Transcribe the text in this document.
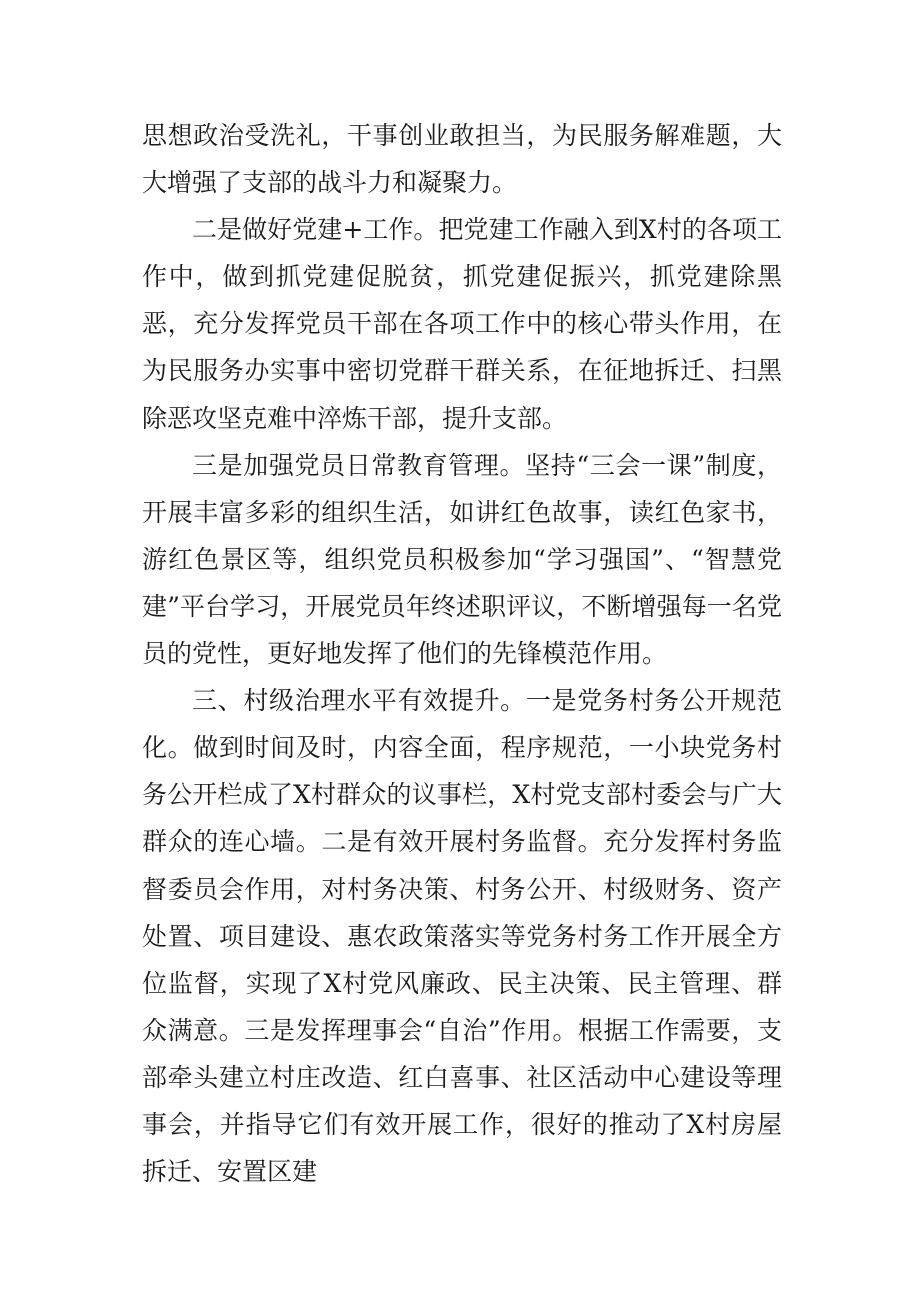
思想政治受洗礼，干事创业敢担当，为民服务解难题，大大增强了支部的战斗力和凝聚力。

二是做好党建+工作。把党建工作融入到X村的各项工作中，做到抓党建促脱贫，抓党建促振兴，抓党建除黑恶，充分发挥党员干部在各项工作中的核心带头作用，在为民服务办实事中密切党群干群关系，在征地拆迁、扫黑除恶攻坚克难中淬炼干部，提升支部。

三是加强党员日常教育管理。坚持“三会一课”制度，开展丰富多彩的组织生活，如讲红色故事，读红色家书，游红色景区等，组织党员积极参加“学习强国”、“智慧党建”平台学习，开展党员年终述职评议，不断增强每一名党员的党性，更好地发挥了他们的先锋模范作用。

三、村级治理水平有效提升。一是党务村务公开规范化。做到时间及时，内容全面，程序规范，一小块党务村务公开栏成了X村群众的议事栏，X村党支部村委会与广大群众的连心墙。二是有效开展村务监督。充分发挥村务监督委员会作用，对村务决策、村务公开、村级财务、资产处置、项目建设、惠农政策落实等党务村务工作开展全方位监督，实现了X村党风廉政、民主决策、民主管理、群众满意。三是发挥理事会“自治”作用。根据工作需要，支部牵头建立村庄改造、红白喜事、社区活动中心建设等理事会，并指导它们有效开展工作，很好的推动了X村房屋拆迁、安置区建
